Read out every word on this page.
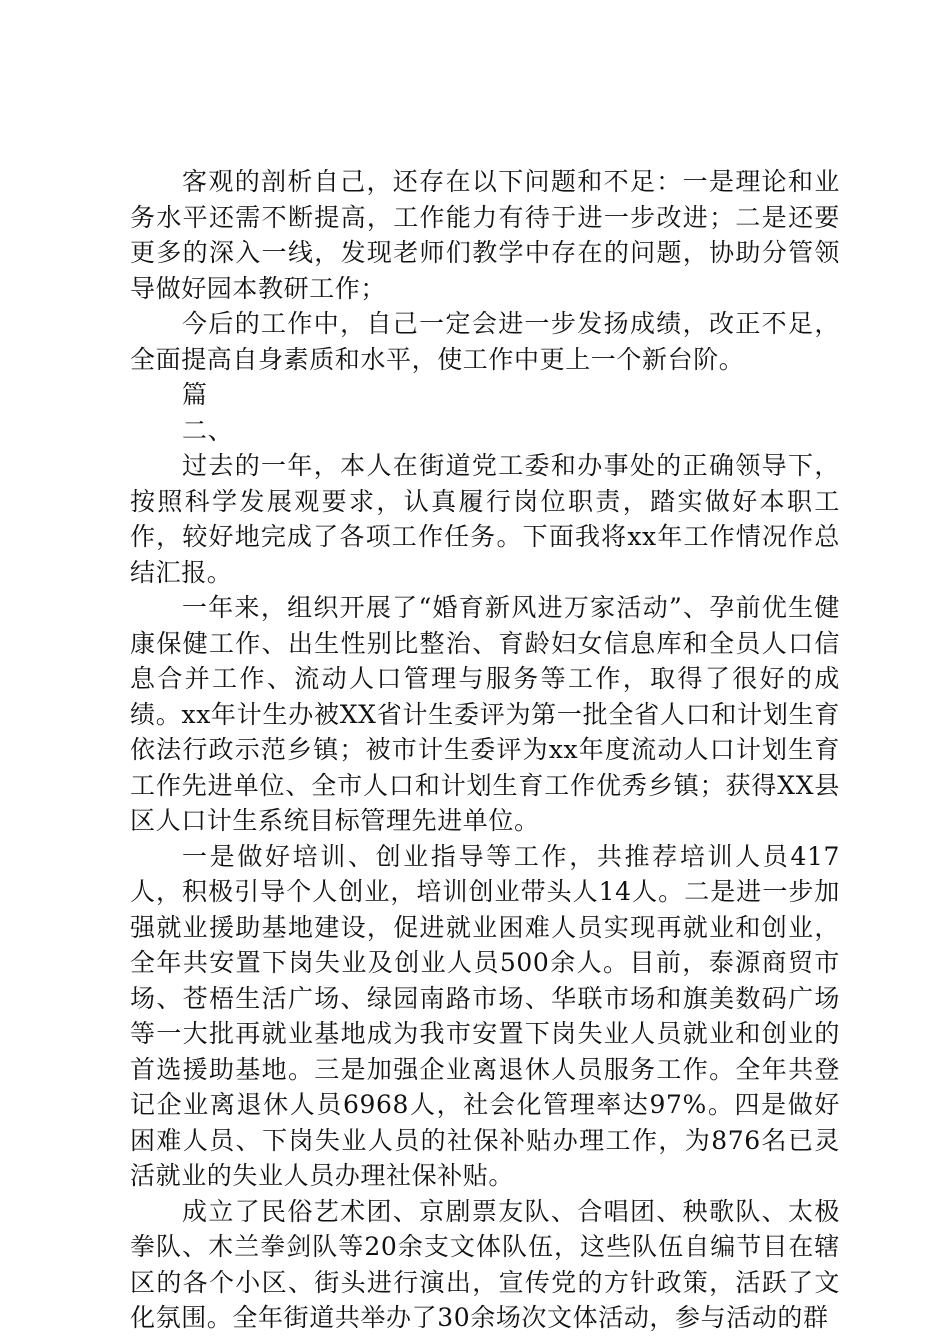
客观的剖析自己，还存在以下问题和不足：一是理论和业务水平还需不断提高，工作能力有待于进一步改进；二是还要更多的深入一线，发现老师们教学中存在的问题，协助分管领导做好园本教研工作；

今后的工作中，自己一定会进一步发扬成绩，改正不足，全面提高自身素质和水平，使工作中更上一个新台阶。

篇

二、

过去的一年，本人在街道党工委和办事处的正确领导下，按照科学发展观要求，认真履行岗位职责，踏实做好本职工作，较好地完成了各项工作任务。下面我将xx年工作情况作总结汇报。

一年来，组织开展了“婚育新风进万家活动”、孕前优生健康保健工作、出生性别比整治、育龄妇女信息库和全员人口信息合并工作、流动人口管理与服务等工作，取得了很好的成绩。xx年计生办被XX省计生委评为第一批全省人口和计划生育依法行政示范乡镇；被市计生委评为xx年度流动人口计划生育工作先进单位、全市人口和计划生育工作优秀乡镇；获得XX县区人口计生系统目标管理先进单位。

一是做好培训、创业指导等工作，共推荐培训人员417人，积极引导个人创业，培训创业带头人14人。二是进一步加强就业援助基地建设，促进就业困难人员实现再就业和创业，全年共安置下岗失业及创业人员500余人。目前，泰源商贸市场、苍梧生活广场、绿园南路市场、华联市场和旗美数码广场等一大批再就业基地成为我市安置下岗失业人员就业和创业的首选援助基地。三是加强企业离退休人员服务工作。全年共登记企业离退休人员6968人，社会化管理率达97%。四是做好困难人员、下岗失业人员的社保补贴办理工作，为876名已灵活就业的失业人员办理社保补贴。

成立了民俗艺术团、京剧票友队、合唱团、秧歌队、太极拳队、木兰拳剑队等20余支文体队伍，这些队伍自编节目在辖区的各个小区、街头进行演出，宣传党的方针政策，活跃了文化氛围。全年街道共举办了30余场次文体活动，参与活动的群
